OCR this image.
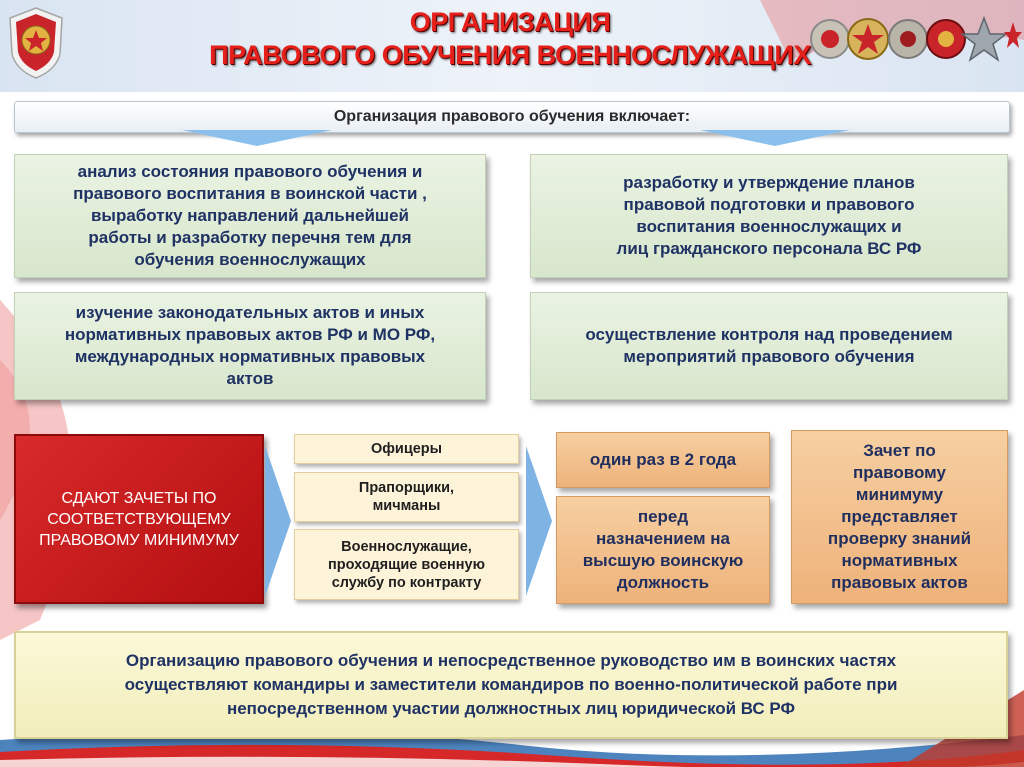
ОРГАНИЗАЦИЯ
ПРАВОВОГО ОБУЧЕНИЯ ВОЕННОСЛУЖАЩИХ
Организация правового обучения включает:
анализ состояния правового обучения и
правового воспитания в воинской части ,
выработку направлений дальнейшей
работы и разработку перечня тем для
обучения военнослужащих
разработку и утверждение планов
правовой подготовки и правового
воспитания военнослужащих и
лиц гражданского персонала ВС РФ
изучение законодательных актов и иных
нормативных правовых актов РФ и МО РФ,
международных нормативных правовых
актов
осуществление контроля над проведением
мероприятий правового обучения
СДАЮТ ЗАЧЕТЫ ПО СООТВЕТСТВУЮЩЕМУ ПРАВОВОМУ МИНИМУМУ
Офицеры
Прапорщики,
мичманы
Военнослужащие,
проходящие военную
службу по контракту
один раз в 2 года
перед
назначением на
высшую воинскую
должность
Зачет по
правовому
минимуму
представляет
проверку знаний
нормативных
правовых актов
Организацию правового обучения и непосредственное руководство им в воинских частях
осуществляют командиры и заместители командиров по военно-политической работе при
непосредственном участии должностных лиц юридической ВС РФ
